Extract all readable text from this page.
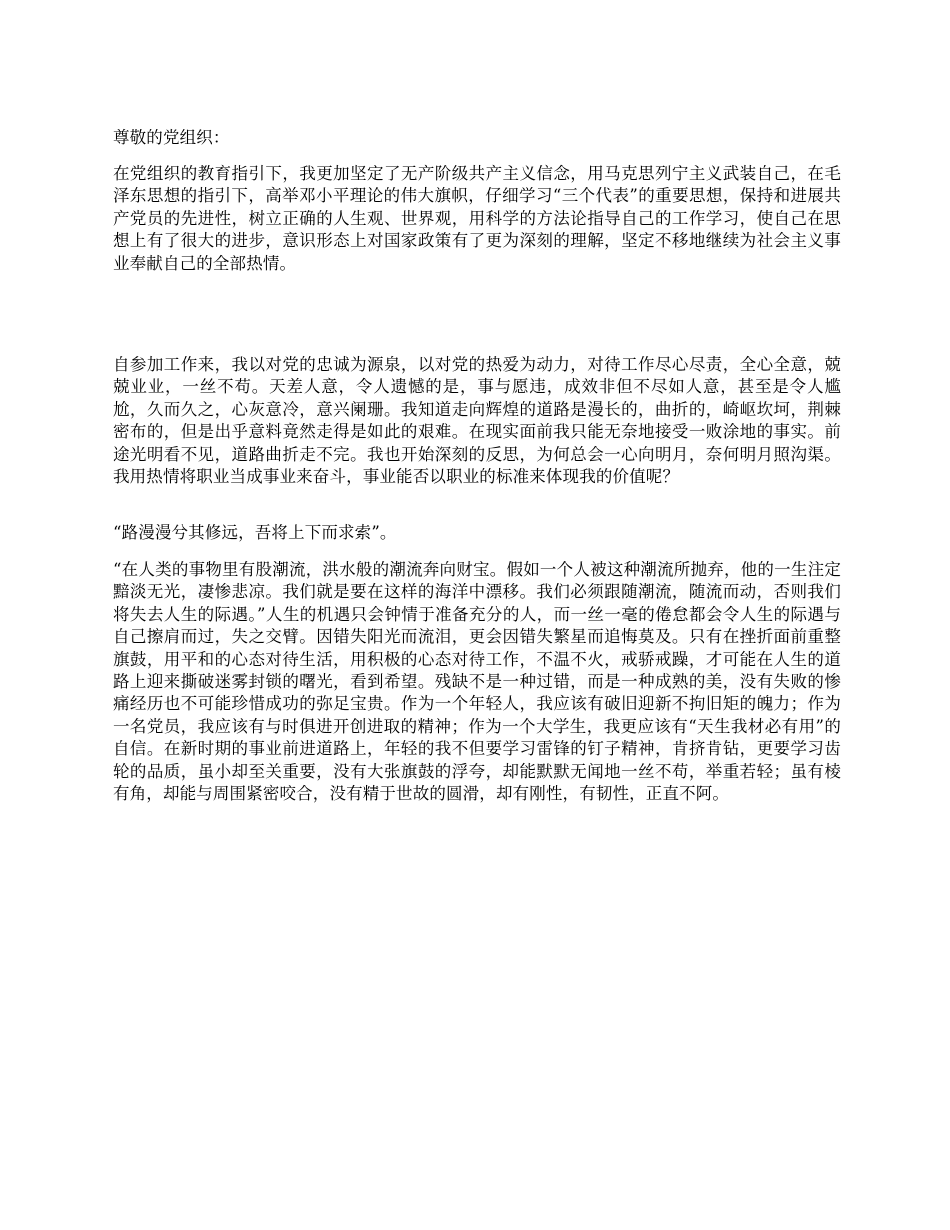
尊敬的党组织：

在党组织的教育指引下，我更加坚定了无产阶级共产主义信念，用马克思列宁主义武装自己，在毛泽东思想的指引下，高举邓小平理论的伟大旗帜，仔细学习“三个代表”的重要思想，保持和进展共产党员的先进性，树立正确的人生观、世界观，用科学的方法论指导自己的工作学习，使自己在思想上有了很大的进步，意识形态上对国家政策有了更为深刻的理解，坚定不移地继续为社会主义事业奉献自己的全部热情。

自参加工作来，我以对党的忠诚为源泉，以对党的热爱为动力，对待工作尽心尽责，全心全意，兢兢业业，一丝不苟。天差人意，令人遗憾的是，事与愿违，成效非但不尽如人意，甚至是令人尴尬，久而久之，心灰意冷，意兴阑珊。我知道走向辉煌的道路是漫长的，曲折的，崎岖坎坷，荆棘密布的，但是出乎意料竟然走得是如此的艰难。在现实面前我只能无奈地接受一败涂地的事实。前途光明看不见，道路曲折走不完。我也开始深刻的反思，为何总会一心向明月，奈何明月照沟渠。我用热情将职业当成事业来奋斗，事业能否以职业的标准来体现我的价值呢？

“路漫漫兮其修远，吾将上下而求索”。

“在人类的事物里有股潮流，洪水般的潮流奔向财宝。假如一个人被这种潮流所抛弃，他的一生注定黯淡无光，凄惨悲凉。我们就是要在这样的海洋中漂移。我们必须跟随潮流，随流而动，否则我们将失去人生的际遇。”人生的机遇只会钟情于准备充分的人，而一丝一毫的倦怠都会令人生的际遇与自己擦肩而过，失之交臂。因错失阳光而流泪，更会因错失繁星而追悔莫及。只有在挫折面前重整旗鼓，用平和的心态对待生活，用积极的心态对待工作，不温不火，戒骄戒躁，才可能在人生的道路上迎来撕破迷雾封锁的曙光，看到希望。残缺不是一种过错，而是一种成熟的美，没有失败的惨痛经历也不可能珍惜成功的弥足宝贵。作为一个年轻人，我应该有破旧迎新不拘旧矩的魄力；作为一名党员，我应该有与时俱进开创进取的精神；作为一个大学生，我更应该有“天生我材必有用”的自信。在新时期的事业前进道路上，年轻的我不但要学习雷锋的钉子精神，肯挤肯钻，更要学习齿轮的品质，虽小却至关重要，没有大张旗鼓的浮夸，却能默默无闻地一丝不苟，举重若轻；虽有棱有角，却能与周围紧密咬合，没有精于世故的圆滑，却有刚性，有韧性，正直不阿。
